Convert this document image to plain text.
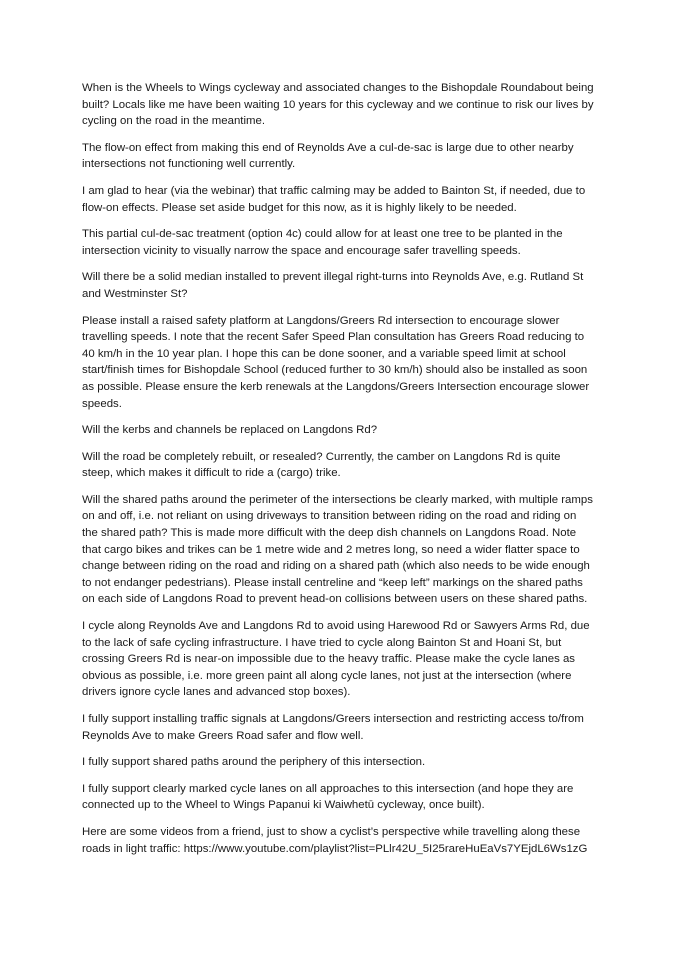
When is the Wheels to Wings cycleway and associated changes to the Bishopdale Roundabout being built? Locals like me have been waiting 10 years for this cycleway and we continue to risk our lives by cycling on the road in the meantime.

The flow-on effect from making this end of Reynolds Ave a cul-de-sac is large due to other nearby intersections not functioning well currently.

I am glad to hear (via the webinar) that traffic calming may be added to Bainton St, if needed, due to flow-on effects. Please set aside budget for this now, as it is highly likely to be needed.

This partial cul-de-sac treatment (option 4c) could allow for at least one tree to be planted in the intersection vicinity to visually narrow the space and encourage safer travelling speeds.

Will there be a solid median installed to prevent illegal right-turns into Reynolds Ave, e.g. Rutland St and Westminster St?

Please install a raised safety platform at Langdons/Greers Rd intersection to encourage slower travelling speeds. I note that the recent Safer Speed Plan consultation has Greers Road reducing to 40 km/h in the 10 year plan. I hope this can be done sooner, and a variable speed limit at school start/finish times for Bishopdale School (reduced further to 30 km/h) should also be installed as soon as possible. Please ensure the kerb renewals at the Langdons/Greers Intersection encourage slower speeds.

Will the kerbs and channels be replaced on Langdons Rd?

Will the road be completely rebuilt, or resealed? Currently, the camber on Langdons Rd is quite steep, which makes it difficult to ride a (cargo) trike.

Will the shared paths around the perimeter of the intersections be clearly marked, with multiple ramps on and off, i.e. not reliant on using driveways to transition between riding on the road and riding on the shared path? This is made more difficult with the deep dish channels on Langdons Road. Note that cargo bikes and trikes can be 1 metre wide and 2 metres long, so need a wider flatter space to change between riding on the road and riding on a shared path (which also needs to be wide enough to not endanger pedestrians). Please install centreline and “keep left” markings on the shared paths on each side of Langdons Road to prevent head-on collisions between users on these shared paths.

I cycle along Reynolds Ave and Langdons Rd to avoid using Harewood Rd or Sawyers Arms Rd, due to the lack of safe cycling infrastructure. I have tried to cycle along Bainton St and Hoani St, but crossing Greers Rd is near-on impossible due to the heavy traffic. Please make the cycle lanes as obvious as possible, i.e. more green paint all along cycle lanes, not just at the intersection (where drivers ignore cycle lanes and advanced stop boxes).

I fully support installing traffic signals at Langdons/Greers intersection and restricting access to/from Reynolds Ave to make Greers Road safer and flow well.

I fully support shared paths around the periphery of this intersection.

I fully support clearly marked cycle lanes on all approaches to this intersection (and hope they are connected up to the Wheel to Wings Papanui ki Waiwhetū cycleway, once built).

Here are some videos from a friend, just to show a cyclist’s perspective while travelling along these roads in light traffic: https://www.youtube.com/playlist?list=PLlr42U_5I25rareHuEaVs7YEjdL6Ws1zG
